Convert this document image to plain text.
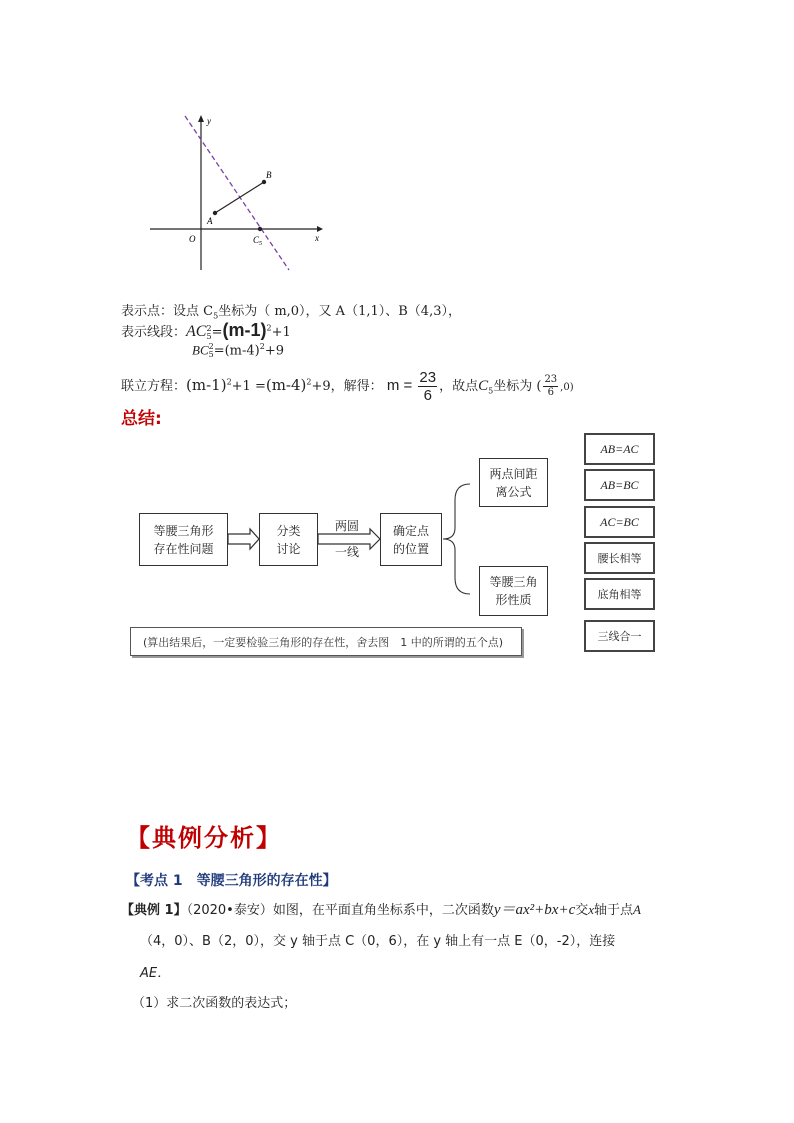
y
x
O
A
B
$C_5$
表示点：设点 $C_5$坐标为（ m,0），又 A（1,1）、B（4,3），
表示线段：AC 2
$5 =(m-1)^2+1$
BC 2
$5 =(m-4)^2+9$
联立方程：$(m-1)^2+1 =(m-4)^2+9$，解得： $m = \frac{23}{6}$ ，故点$C_5$坐标为 ( $\frac{23}{6} ,0$)
总结:
等腰三角形存在性问题
分类讨论
两圆
一线
确定点的位置
两点间距离公式
等腰三角形性质
(算出结果后，一定要检验三角形的存在性，舍去图　1 中的所谓的五个点)
AB=AC
AB=BC
AC=BC
腰长相等
底角相等
三线合一
【典例分析】
【考点 1　等腰三角形的存在性】
【典例 1】（2020•泰安）如图，在平面直角坐标系中，二次函数y＝ax²+bx+c交x轴于点A
（4，0）、B（2，0），交 y 轴于点 C（0，6），在 y 轴上有一点 E（0，-2），连接
AE．
（1）求二次函数的表达式；
